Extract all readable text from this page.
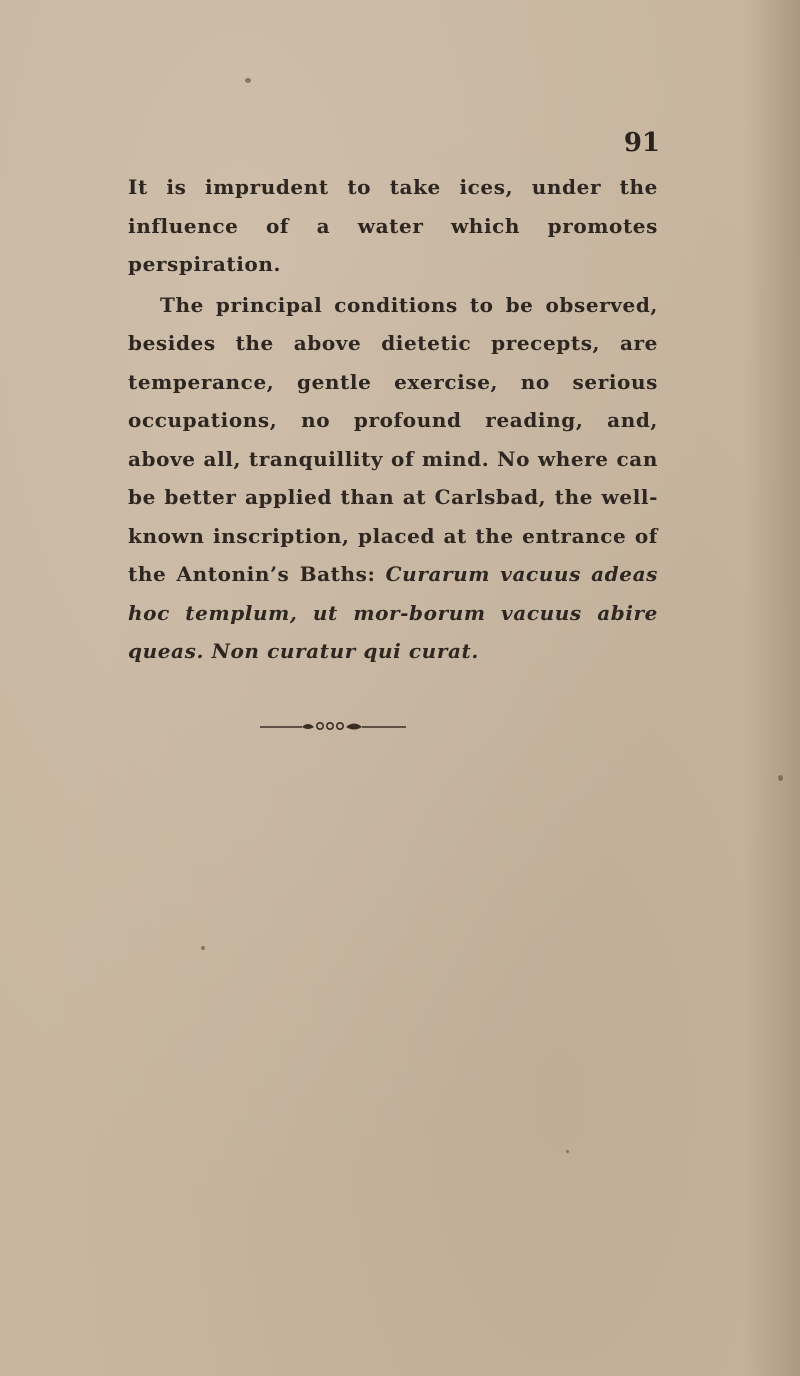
91

It is imprudent to take ices, under the influence of a water which promotes perspiration.

The principal conditions to be observed, besides the above dietetic precepts, are temperance, gentle exercise, no serious occupations, no profound reading, and, above all, tranquillity of mind. No where can be better applied than at Carlsbad, the well-known inscription, placed at the entrance of the Antonin’s Baths: Curarum vacuus adeas hoc templum, ut mor-borum vacuus abire queas. Non curatur qui curat.
